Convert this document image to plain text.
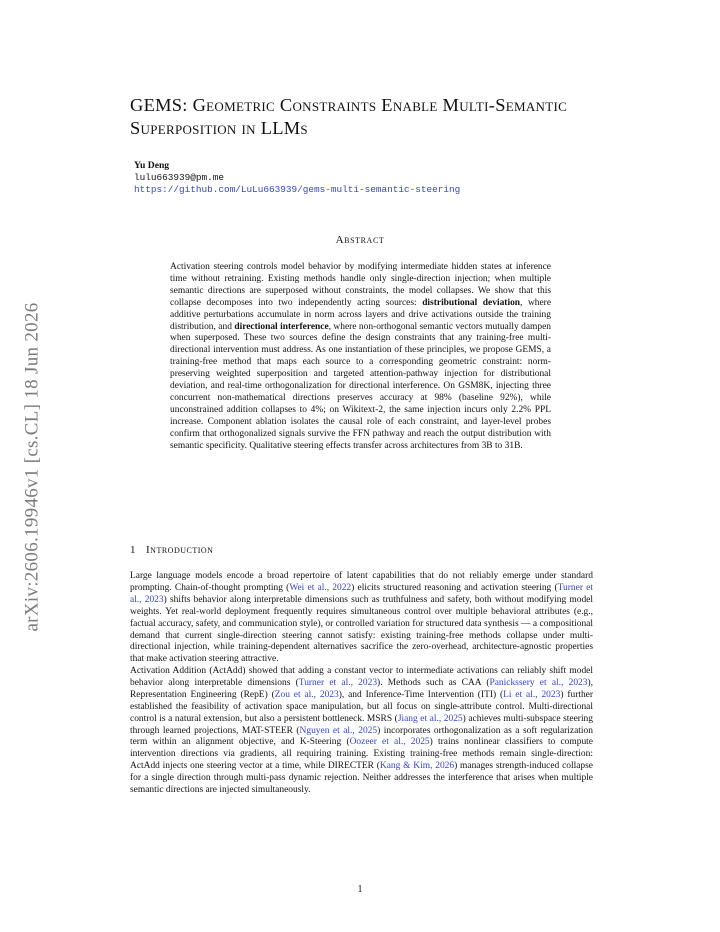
arXiv:2606.19946v1 [cs.CL] 18 Jun 2026
GEMS: Geometric Constraints Enable Multi-Semantic Superposition in LLMs
Yu Deng
lulu663939@pm.me
https://github.com/LuLu663939/gems-multi-semantic-steering
Abstract
Activation steering controls model behavior by modifying intermediate hidden states at inference time without retraining. Existing methods handle only single-direction injection; when multiple semantic directions are superposed without constraints, the model collapses. We show that this collapse decomposes into two independently acting sources: distributional deviation, where additive perturbations accumulate in norm across layers and drive activations outside the training distribution, and directional interference, where non-orthogonal semantic vectors mutually dampen when superposed. These two sources define the design constraints that any training-free multi-directional intervention must address. As one instantiation of these principles, we propose GEMS, a training-free method that maps each source to a corresponding geometric constraint: norm-preserving weighted superposition and targeted attention-pathway injection for distributional deviation, and real-time orthogonalization for directional interference. On GSM8K, injecting three concurrent non-mathematical directions preserves accuracy at 98% (baseline 92%), while unconstrained addition collapses to 4%; on Wikitext-2, the same injection incurs only 2.2% PPL increase. Component ablation isolates the causal role of each constraint, and layer-level probes confirm that orthogonalized signals survive the FFN pathway and reach the output distribution with semantic specificity. Qualitative steering effects transfer across architectures from 3B to 31B.
1 Introduction
Large language models encode a broad repertoire of latent capabilities that do not reliably emerge under standard prompting. Chain-of-thought prompting (Wei et al., 2022) elicits structured reasoning and activation steering (Turner et al., 2023) shifts behavior along interpretable dimensions such as truthfulness and safety, both without modifying model weights. Yet real-world deployment frequently requires simultaneous control over multiple behavioral attributes (e.g., factual accuracy, safety, and communication style), or controlled variation for structured data synthesis — a compositional demand that current single-direction steering cannot satisfy: existing training-free methods collapse under multi-directional injection, while training-dependent alternatives sacrifice the zero-overhead, architecture-agnostic properties that make activation steering attractive.
Activation Addition (ActAdd) showed that adding a constant vector to intermediate activations can reliably shift model behavior along interpretable dimensions (Turner et al., 2023). Methods such as CAA (Panickssery et al., 2023), Representation Engineering (RepE) (Zou et al., 2023), and Inference-Time Intervention (ITI) (Li et al., 2023) further established the feasibility of activation space manipulation, but all focus on single-attribute control. Multi-directional control is a natural extension, but also a persistent bottleneck. MSRS (Jiang et al., 2025) achieves multi-subspace steering through learned projections, MAT-STEER (Nguyen et al., 2025) incorporates orthogonalization as a soft regularization term within an alignment objective, and K-Steering (Oozeer et al., 2025) trains nonlinear classifiers to compute intervention directions via gradients, all requiring training. Existing training-free methods remain single-direction: ActAdd injects one steering vector at a time, while DIRECTER (Kang & Kim, 2026) manages strength-induced collapse for a single direction through multi-pass dynamic rejection. Neither addresses the interference that arises when multiple semantic directions are injected simultaneously.
1
